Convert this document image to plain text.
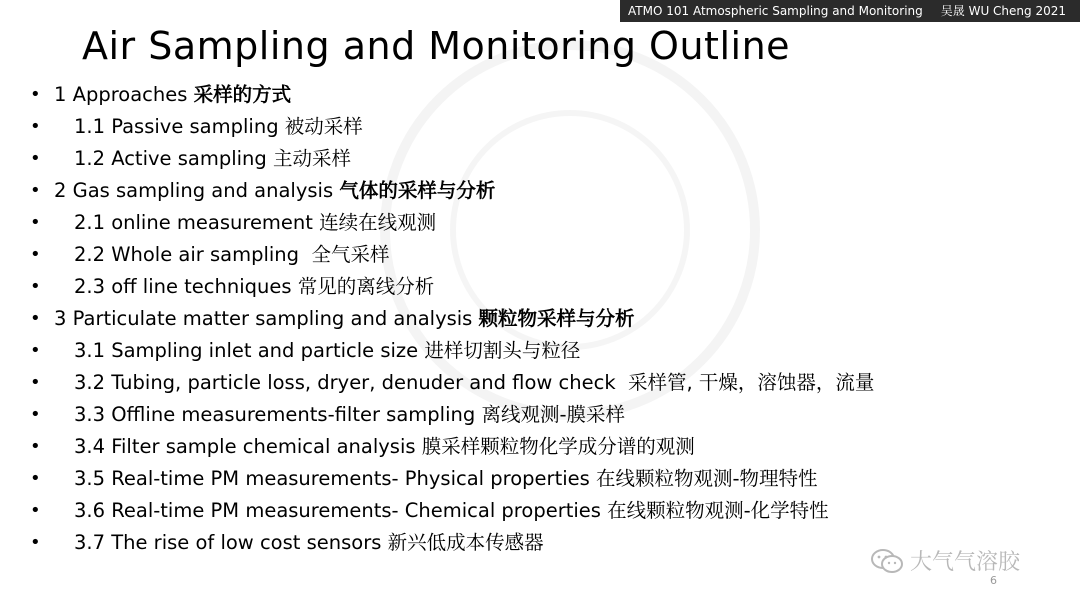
ATMO 101 Atmospheric Sampling and Monitoring 吴晟 WU Cheng 2021
Air Sampling and Monitoring Outline
• 1 Approaches 采样的方式
•	1.1 Passive sampling 被动采样
•	1.2 Active sampling 主动采样
• 2 Gas sampling and analysis 气体的采样与分析
•	2.1 online measurement 连续在线观测
•	2.2 Whole air sampling  全气采样
•	2.3 off line techniques 常见的离线分析
• 3 Particulate matter sampling and analysis 颗粒物采样与分析
•	3.1 Sampling inlet and particle size 进样切割头与粒径
•	3.2 Tubing, particle loss, dryer, denuder and flow check  采样管, 干燥，溶蚀器，流量
•	3.3 Offline measurements-filter sampling 离线观测-膜采样
•	3.4 Filter sample chemical analysis 膜采样颗粒物化学成分谱的观测
•	3.5 Real-time PM measurements- Physical properties 在线颗粒物观测-物理特性
•	3.6 Real-time PM measurements- Chemical properties 在线颗粒物观测-化学特性
•	3.7 The rise of low cost sensors 新兴低成本传感器
大气气溶胶
6
